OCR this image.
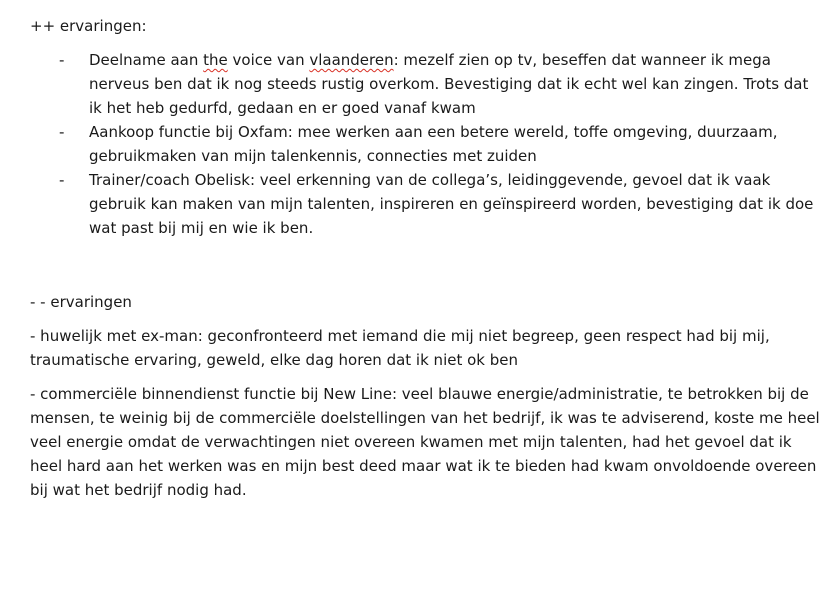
++ ervaringen:

- Deelname aan the voice van vlaanderen: mezelf zien op tv, beseffen dat wanneer ik mega nerveus ben dat ik nog steeds rustig overkom. Bevestiging dat ik echt wel kan zingen. Trots dat ik het heb gedurfd, gedaan en er goed vanaf kwam
- Aankoop functie bij Oxfam: mee werken aan een betere wereld, toffe omgeving, duurzaam, gebruikmaken van mijn talenkennis, connecties met zuiden
- Trainer/coach Obelisk: veel erkenning van de collega’s, leidinggevende, gevoel dat ik vaak gebruik kan maken van mijn talenten, inspireren en geïnspireerd worden, bevestiging dat ik doe wat past bij mij en wie ik ben.

- - ervaringen

- huwelijk met ex-man: geconfronteerd met iemand die mij niet begreep, geen respect had bij mij, traumatische ervaring, geweld, elke dag horen dat ik niet ok ben

- commerciële binnendienst functie bij New Line: veel blauwe energie/administratie, te betrokken bij de mensen, te weinig bij de commerciële doelstellingen van het bedrijf, ik was te adviserend, koste me heel veel energie omdat de verwachtingen niet overeen kwamen met mijn talenten, had het gevoel dat ik heel hard aan het werken was en mijn best deed maar wat ik te bieden had kwam onvoldoende overeen bij wat het bedrijf nodig had.
